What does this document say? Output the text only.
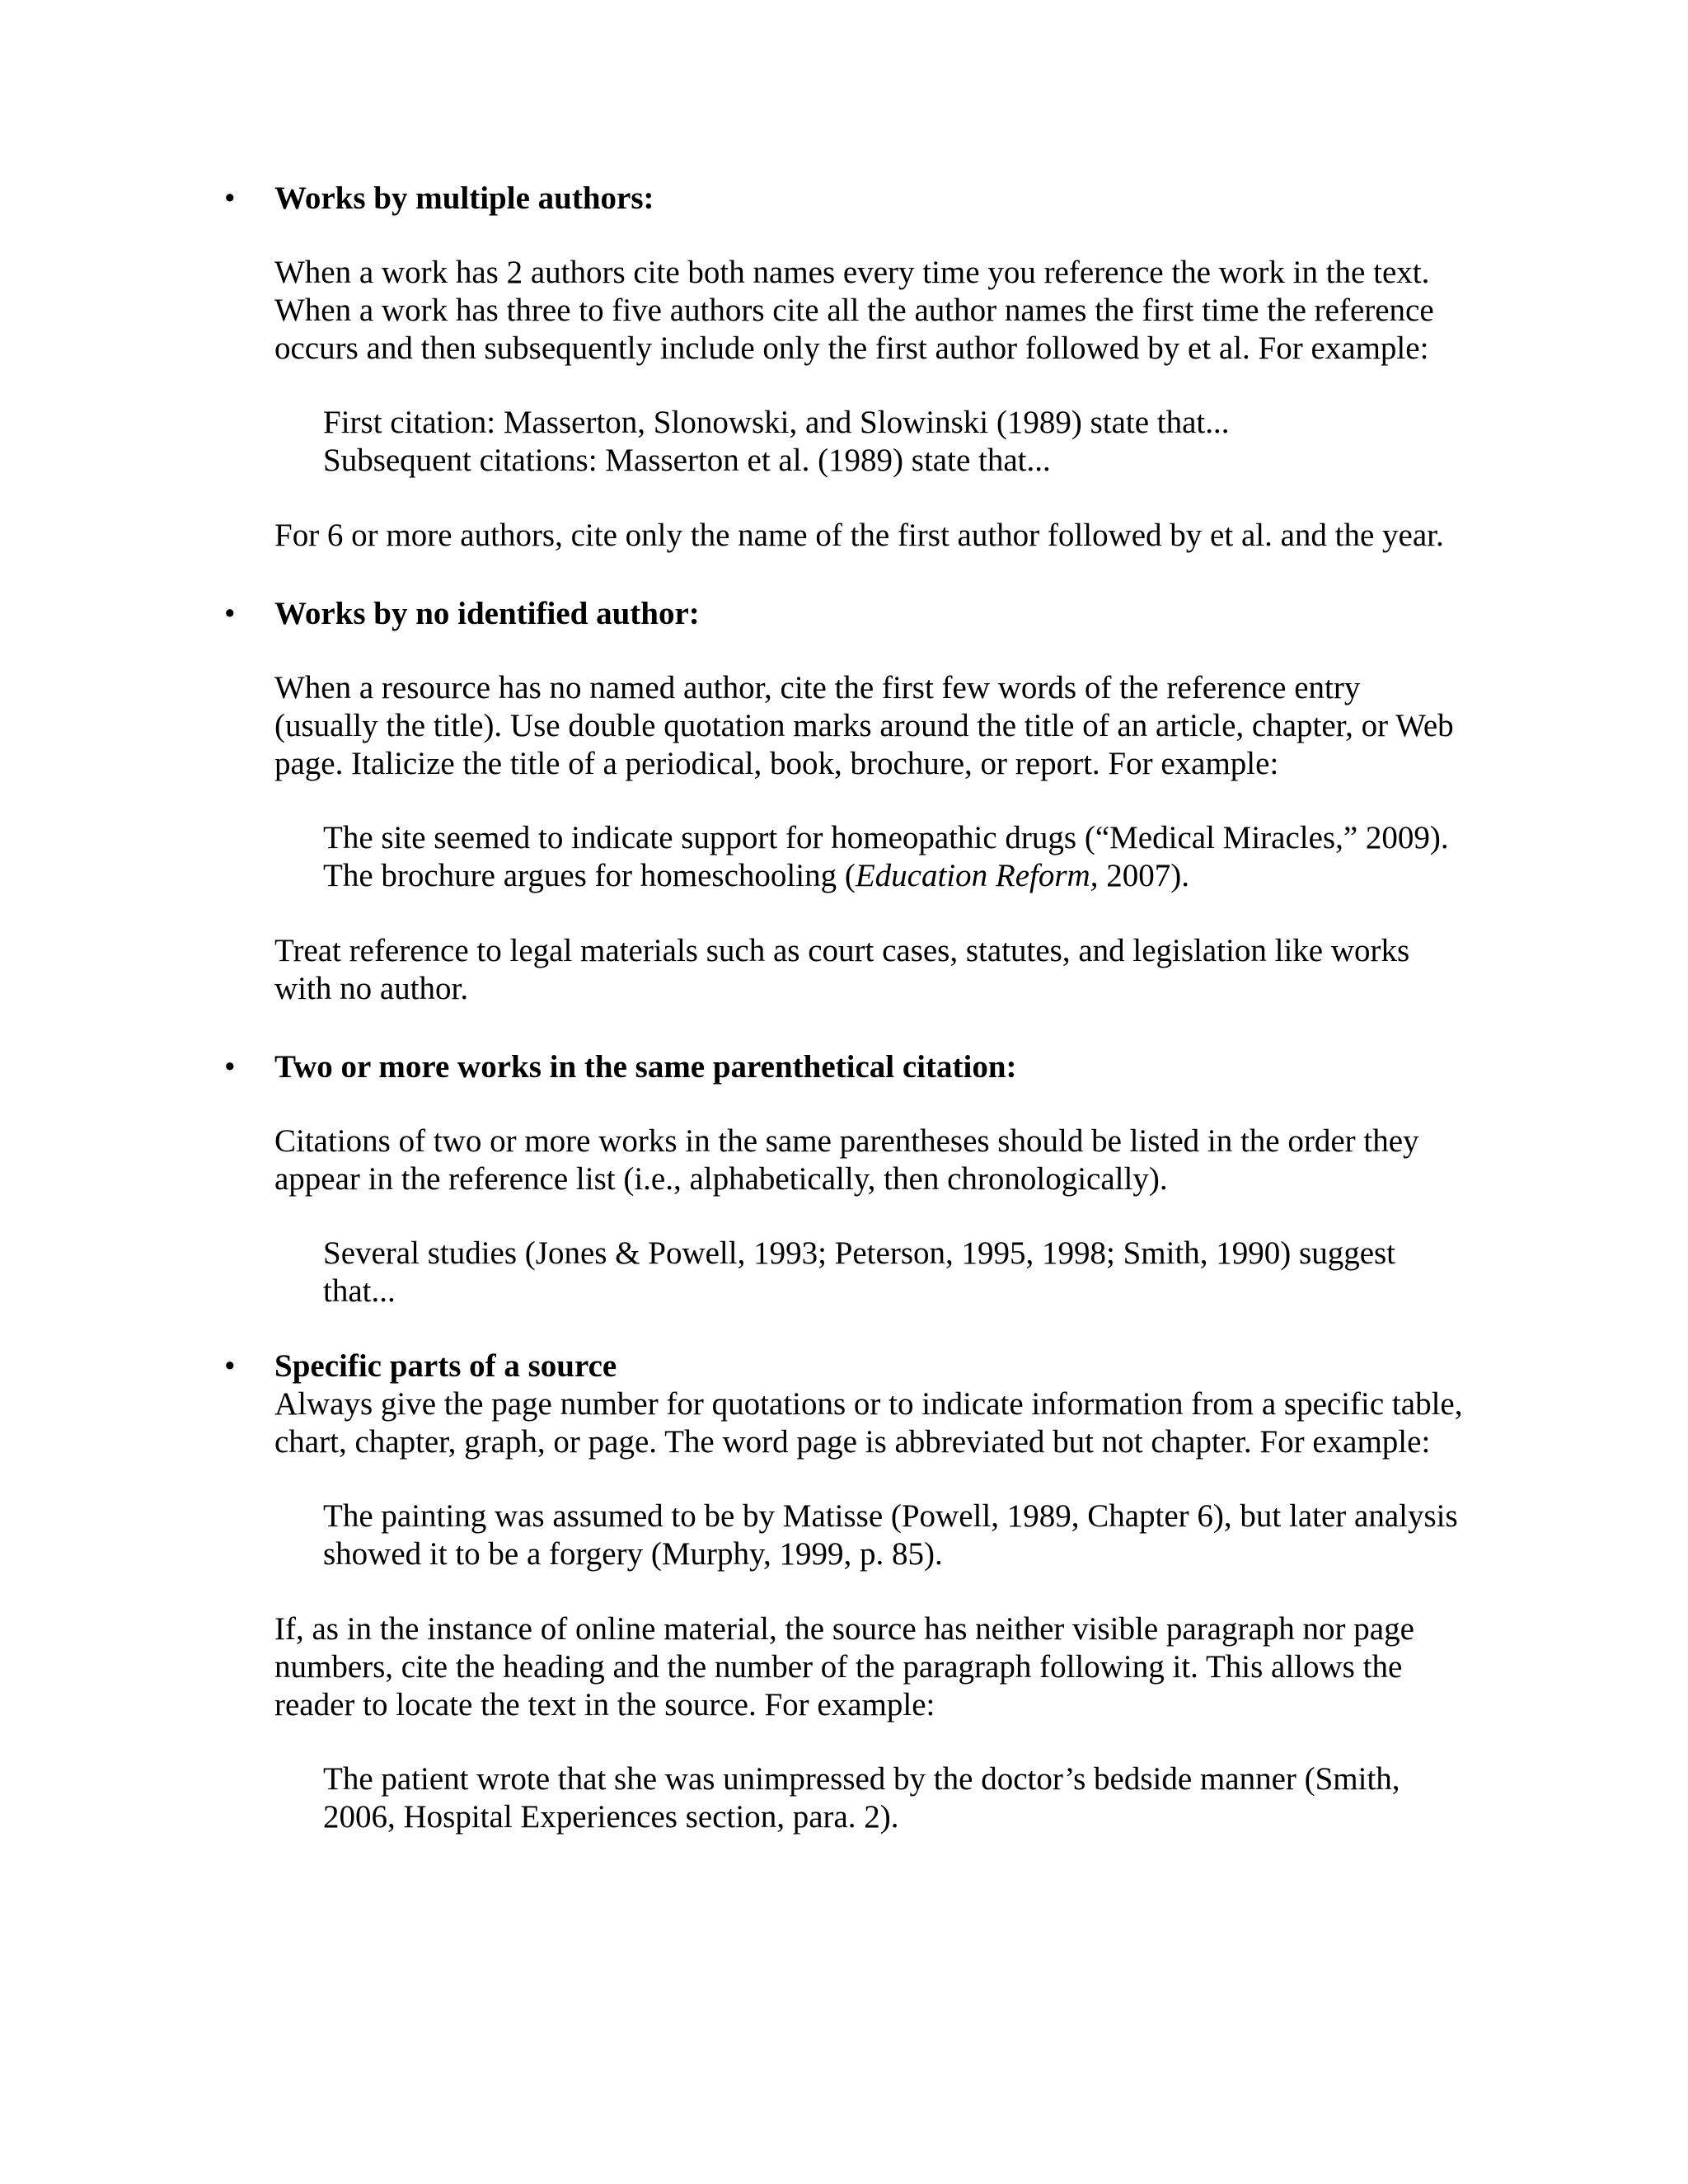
• Works by multiple authors:
When a work has 2 authors cite both names every time you reference the work in the text.
When a work has three to five authors cite all the author names the first time the reference
occurs and then subsequently include only the first author followed by et al. For example:
First citation: Masserton, Slonowski, and Slowinski (1989) state that...
Subsequent citations: Masserton et al. (1989) state that...
For 6 or more authors, cite only the name of the first author followed by et al. and the year.
• Works by no identified author:
When a resource has no named author, cite the first few words of the reference entry
(usually the title). Use double quotation marks around the title of an article, chapter, or Web
page. Italicize the title of a periodical, book, brochure, or report. For example:
The site seemed to indicate support for homeopathic drugs (“Medical Miracles,” 2009).
The brochure argues for homeschooling (Education Reform, 2007).
Treat reference to legal materials such as court cases, statutes, and legislation like works
with no author.
• Two or more works in the same parenthetical citation:
Citations of two or more works in the same parentheses should be listed in the order they
appear in the reference list (i.e., alphabetically, then chronologically).
Several studies (Jones & Powell, 1993; Peterson, 1995, 1998; Smith, 1990) suggest
that...
• Specific parts of a source
Always give the page number for quotations or to indicate information from a specific table,
chart, chapter, graph, or page. The word page is abbreviated but not chapter. For example:
The painting was assumed to be by Matisse (Powell, 1989, Chapter 6), but later analysis
showed it to be a forgery (Murphy, 1999, p. 85).
If, as in the instance of online material, the source has neither visible paragraph nor page
numbers, cite the heading and the number of the paragraph following it. This allows the
reader to locate the text in the source. For example:
The patient wrote that she was unimpressed by the doctor’s bedside manner (Smith,
2006, Hospital Experiences section, para. 2).
